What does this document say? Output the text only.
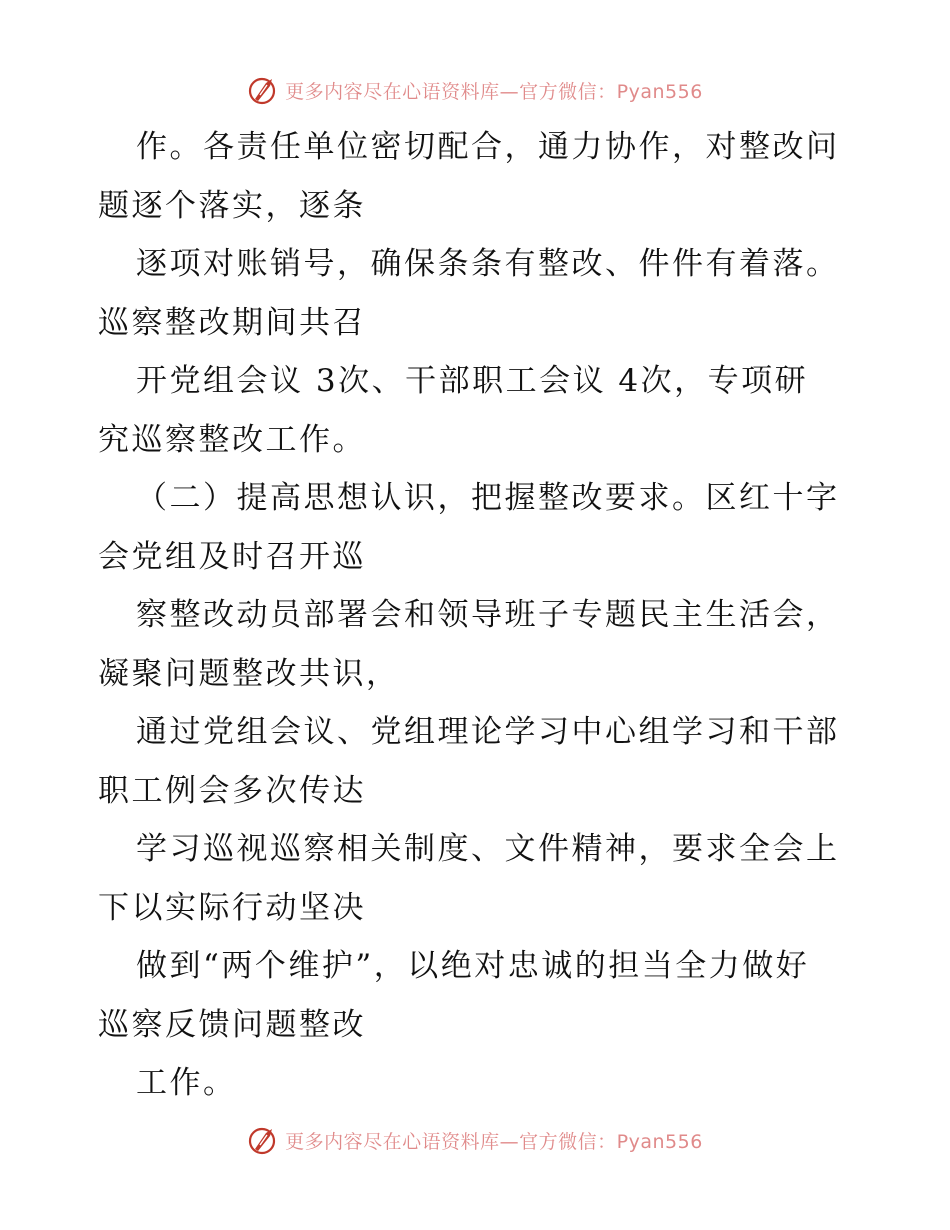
更多内容尽在心语资料库—官方微信：Pyan556
作。各责任单位密切配合，通力协作，对整改问
题逐个落实，逐条
逐项对账销号，确保条条有整改、件件有着落。
巡察整改期间共召
开党组会议 3次、干部职工会议 4次，专项研
究巡察整改工作。
（二）提高思想认识，把握整改要求。区红十字
会党组及时召开巡
察整改动员部署会和领导班子专题民主生活会，
凝聚问题整改共识，
通过党组会议、党组理论学习中心组学习和干部
职工例会多次传达
学习巡视巡察相关制度、文件精神，要求全会上
下以实际行动坚决
做到“两个维护”，以绝对忠诚的担当全力做好
巡察反馈问题整改
工作。
更多内容尽在心语资料库—官方微信：Pyan556
